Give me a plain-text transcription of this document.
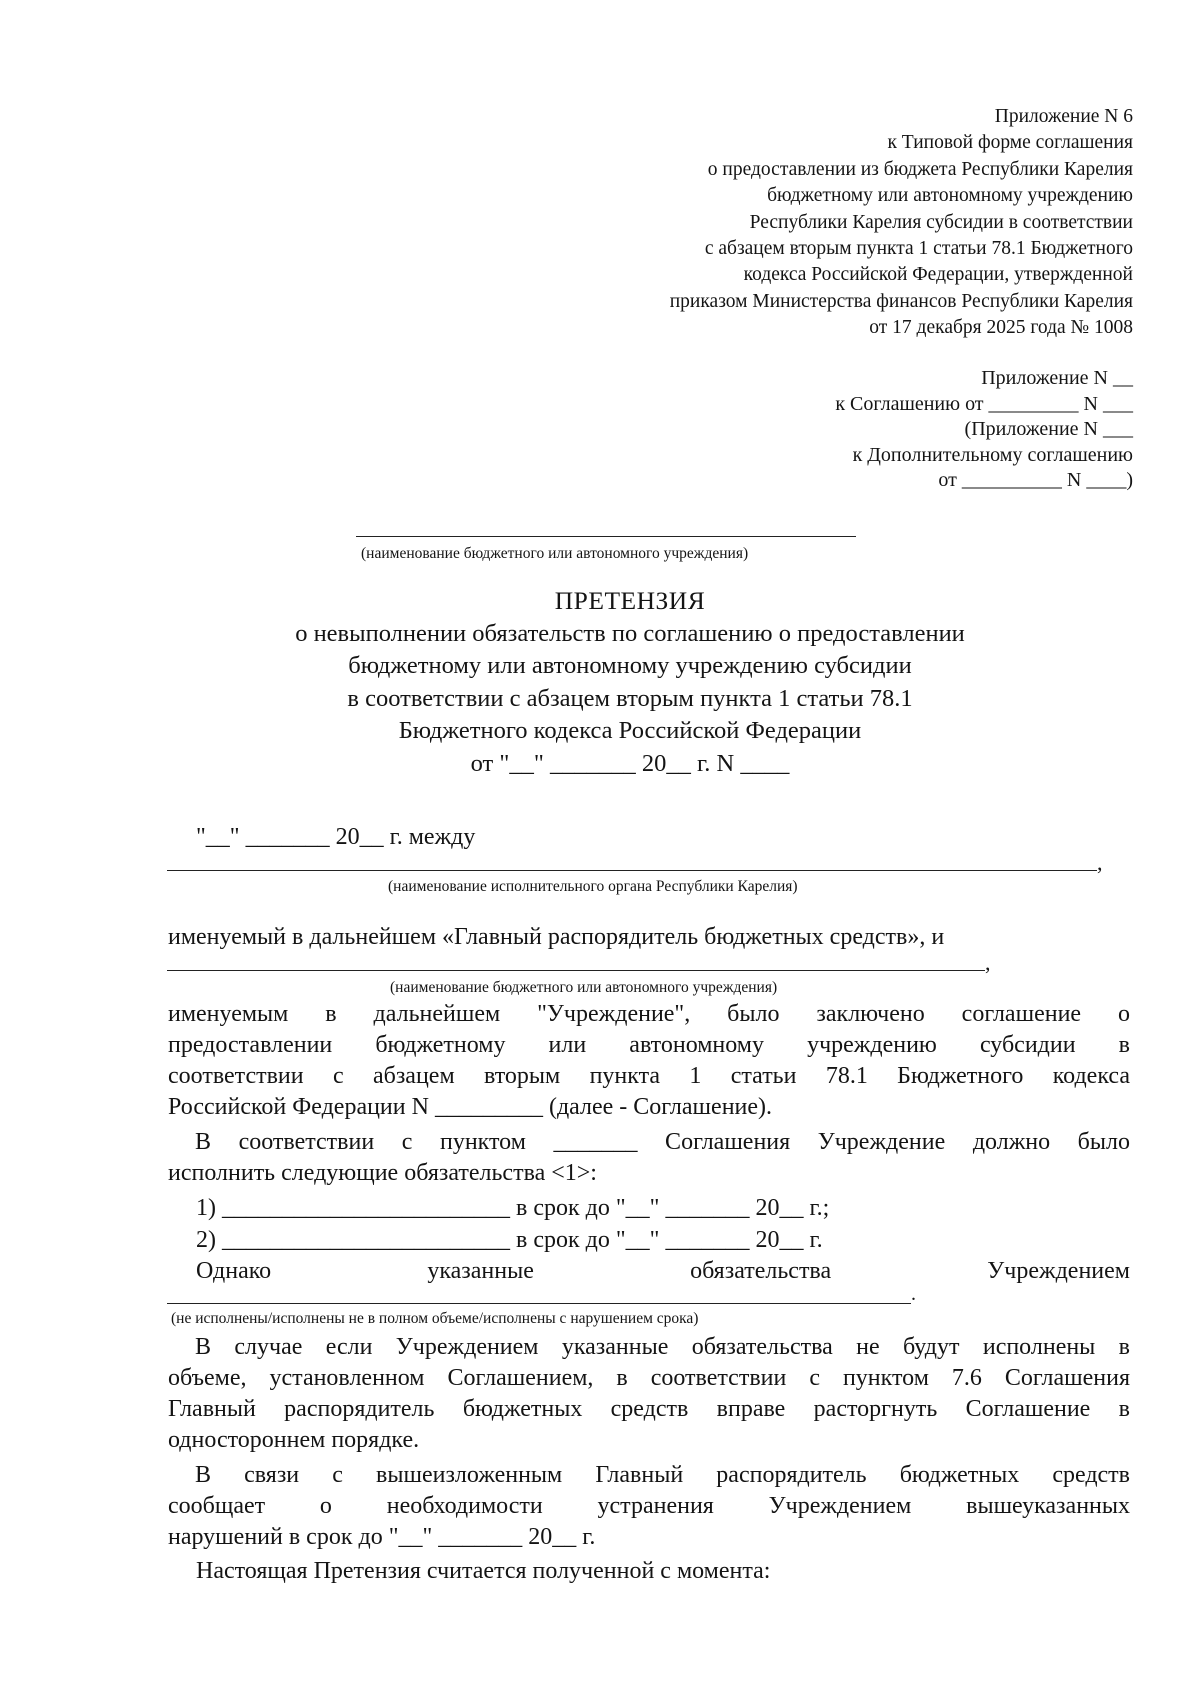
Приложение N 6
к Типовой форме соглашения
о предоставлении из бюджета Республики Карелия
бюджетному или автономному учреждению
Республики Карелия субсидии в соответствии
с абзацем вторым пункта 1 статьи 78.1 Бюджетного
кодекса Российской Федерации, утвержденной
приказом Министерства финансов Республики Карелия
от 17 декабря 2025 года № 1008
Приложение N __
к Соглашению от _________ N ___
(Приложение N ___
к Дополнительному соглашению
от __________ N ____)
(наименование бюджетного или автономного учреждения)
ПРЕТЕНЗИЯ
о невыполнении обязательств по соглашению о предоставлении
бюджетному или автономному учреждению субсидии
в соответствии с абзацем вторым пункта 1 статьи 78.1
Бюджетного кодекса Российской Федерации
от "__" _______ 20__ г. N ____
"__" _______ 20__ г. между
,
(наименование исполнительного органа Республики Карелия)
именуемый в дальнейшем «Главный распорядитель бюджетных средств», и
,
(наименование бюджетного или автономного учреждения)
именуемым в дальнейшем "Учреждение", было заключено соглашение о
предоставлении бюджетному или автономному учреждению субсидии в
соответствии с абзацем вторым пункта 1 статьи 78.1 Бюджетного кодекса
Российской Федерации N _________ (далее - Соглашение).
В соответствии с пунктом _______ Соглашения Учреждение должно было
исполнить следующие обязательства <1>:
1) ________________________ в срок до "__" _______ 20__ г.;
2) ________________________ в срок до "__" _______ 20__ г.
Однако	указанные	обязательства	Учреждением
.
(не исполнены/исполнены не в полном объеме/исполнены с нарушением срока)
В случае если Учреждением указанные обязательства не будут исполнены в
объеме, установленном Соглашением, в соответствии с пунктом 7.6 Соглашения
Главный распорядитель бюджетных средств вправе расторгнуть Соглашение в
одностороннем порядке.
В связи с вышеизложенным Главный распорядитель бюджетных средств
сообщает о необходимости устранения Учреждением вышеуказанных
нарушений в срок до "__" _______ 20__ г.
Настоящая Претензия считается полученной с момента:
